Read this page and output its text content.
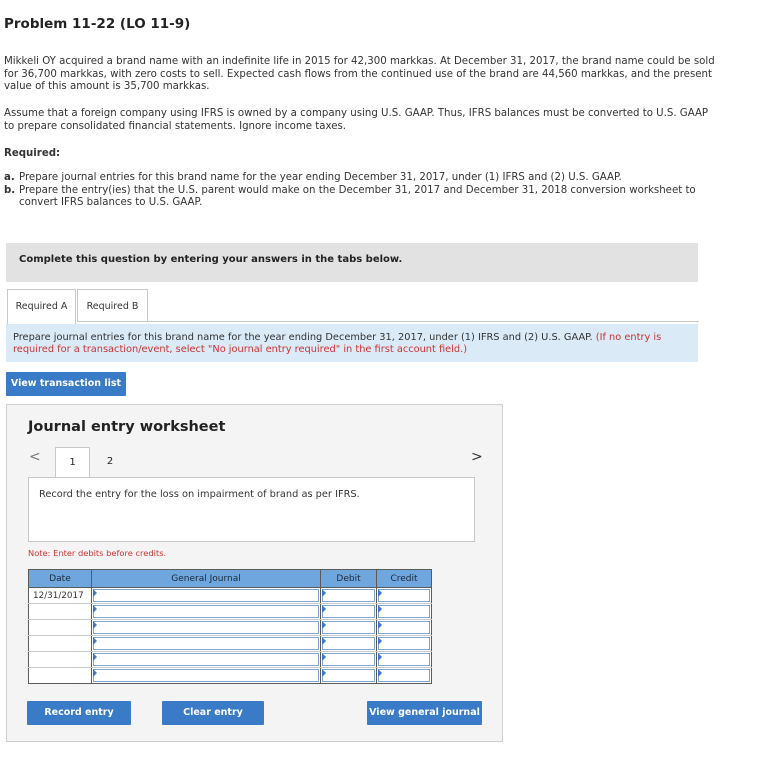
Problem 11-22 (LO 11-9)
Mikkeli OY acquired a brand name with an indefinite life in 2015 for 42,300 markkas. At December 31, 2017, the brand name could be sold for 36,700 markkas, with zero costs to sell. Expected cash flows from the continued use of the brand are 44,560 markkas, and the present value of this amount is 35,700 markkas.
Assume that a foreign company using IFRS is owned by a company using U.S. GAAP. Thus, IFRS balances must be converted to U.S. GAAP to prepare consolidated financial statements. Ignore income taxes.
Required:
a. Prepare journal entries for this brand name for the year ending December 31, 2017, under (1) IFRS and (2) U.S. GAAP.
b. Prepare the entry(ies) that the U.S. parent would make on the December 31, 2017 and December 31, 2018 conversion worksheet to convert IFRS balances to U.S. GAAP.
Complete this question by entering your answers in the tabs below.
Required A	Required B
Prepare journal entries for this brand name for the year ending December 31, 2017, under (1) IFRS and (2) U.S. GAAP. (If no entry is required for a transaction/event, select "No journal entry required" in the first account field.)
View transaction list
Journal entry worksheet
<	1	2	>
Record the entry for the loss on impairment of brand as per IFRS.
Note: Enter debits before credits.
Date	General Journal	Debit	Credit
12/31/2017	

Record entry	Clear entry	View general journal
